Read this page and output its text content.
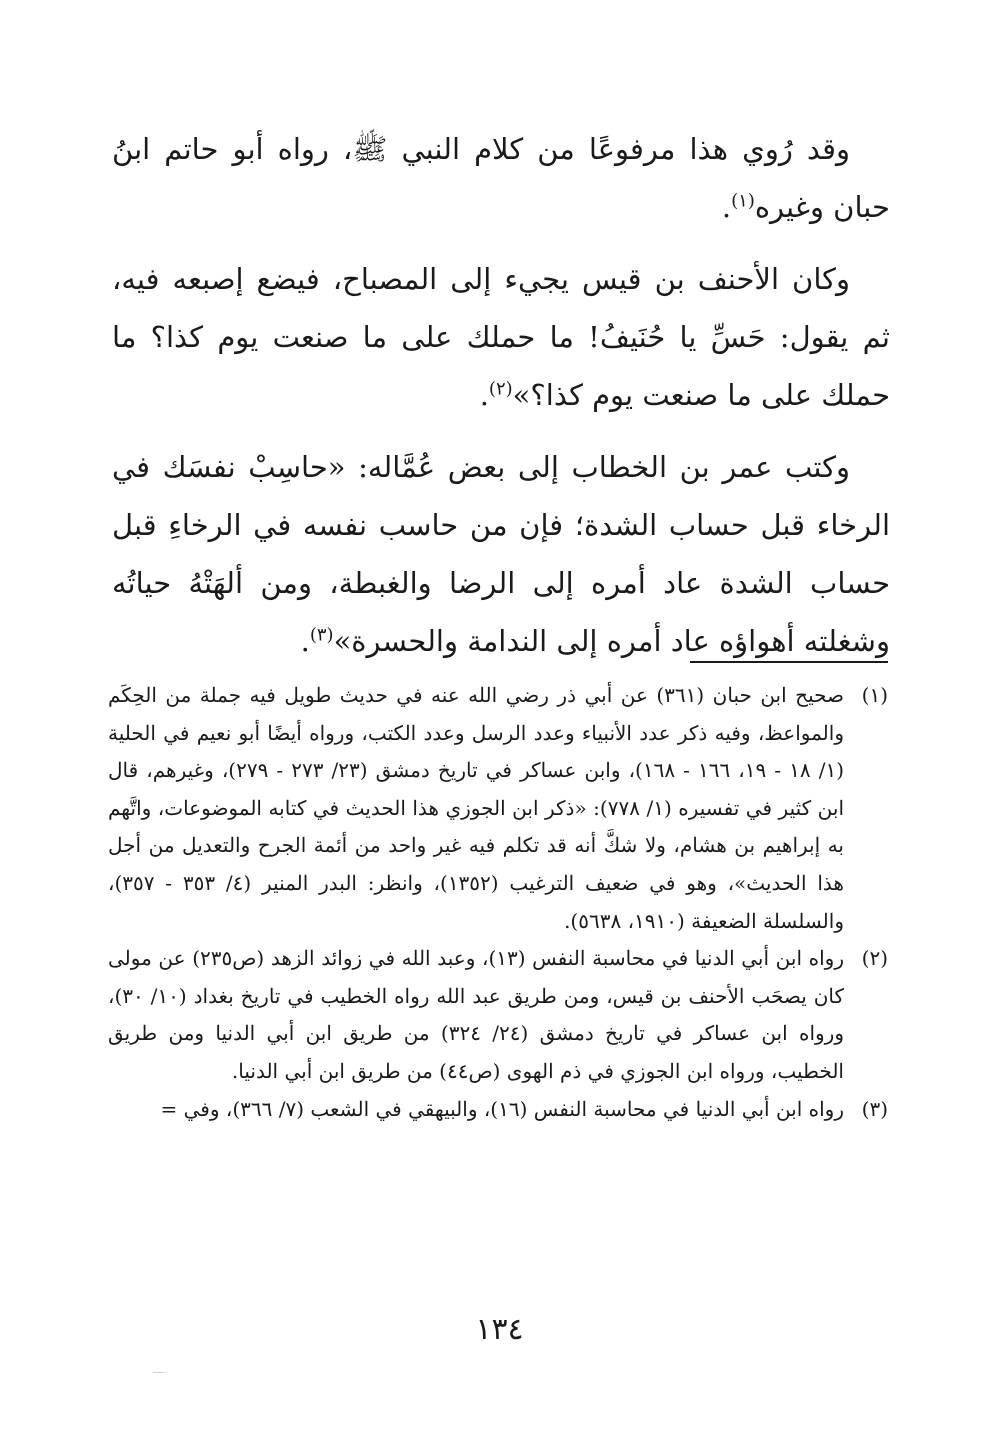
وقد رُوي هذا مرفوعًا من كلام النبي ﷺ، رواه أبو حاتم ابنُ حبان وغيره$^{(١)}$.

وكان الأحنف بن قيس يجيء إلى المصباح، فيضع إصبعه فيه، ثم يقول: حَسِّ يا حُنَيفُ! ما حملك على ما صنعت يوم كذا؟ ما حملك على ما صنعت يوم كذا؟»$^{(٢)}$.

وكتب عمر بن الخطاب إلى بعض عُمَّاله: «حاسِبْ نفسَك في الرخاء قبل حساب الشدة؛ فإن من حاسب نفسه في الرخاءِ قبل حساب الشدة عاد أمره إلى الرضا والغبطة، ومن ألهَتْهُ حياتُه وشغلته أهواؤه عاد أمره إلى الندامة والحسرة»$^{(٣)}$.

(١)
صحيح ابن حبان (٣٦١) عن أبي ذر رضي الله عنه في حديث طويل فيه جملة من الحِكَم والمواعظ، وفيه ذكر عدد الأنبياء وعدد الرسل وعدد الكتب، ورواه أيضًا أبو نعيم في الحلية (١/ ١٨ - ١٩، ١٦٦ - ١٦٨)، وابن عساكر في تاريخ دمشق (٢٣/ ٢٧٣ - ٢٧٩)، وغيرهم، قال ابن كثير في تفسيره (١/ ٧٧٨): «ذكر ابن الجوزي هذا الحديث في كتابه الموضوعات، واتَّهم به إبراهيم بن هشام، ولا شكَّ أنه قد تكلم فيه غير واحد من أئمة الجرح والتعديل من أجل هذا الحديث»، وهو في ضعيف الترغيب (١٣٥٢)، وانظر: البدر المنير (٤/ ٣٥٣ - ٣٥٧)، والسلسلة الضعيفة (١٩١٠، ٥٦٣٨).
(٢)
رواه ابن أبي الدنيا في محاسبة النفس (١٣)، وعبد الله في زوائد الزهد (ص٢٣٥) عن مولى كان يصحَب الأحنف بن قيس، ومن طريق عبد الله رواه الخطيب في تاريخ بغداد (١٠/ ٣٠)، ورواه ابن عساكر في تاريخ دمشق (٢٤/ ٣٢٤) من طريق ابن أبي الدنيا ومن طريق الخطيب، ورواه ابن الجوزي في ذم الهوى (ص٤٤) من طريق ابن أبي الدنيا.
(٣)
رواه ابن أبي الدنيا في محاسبة النفس (١٦)، والبيهقي في الشعب (٧/ ٣٦٦)، وفي =
١٣٤
